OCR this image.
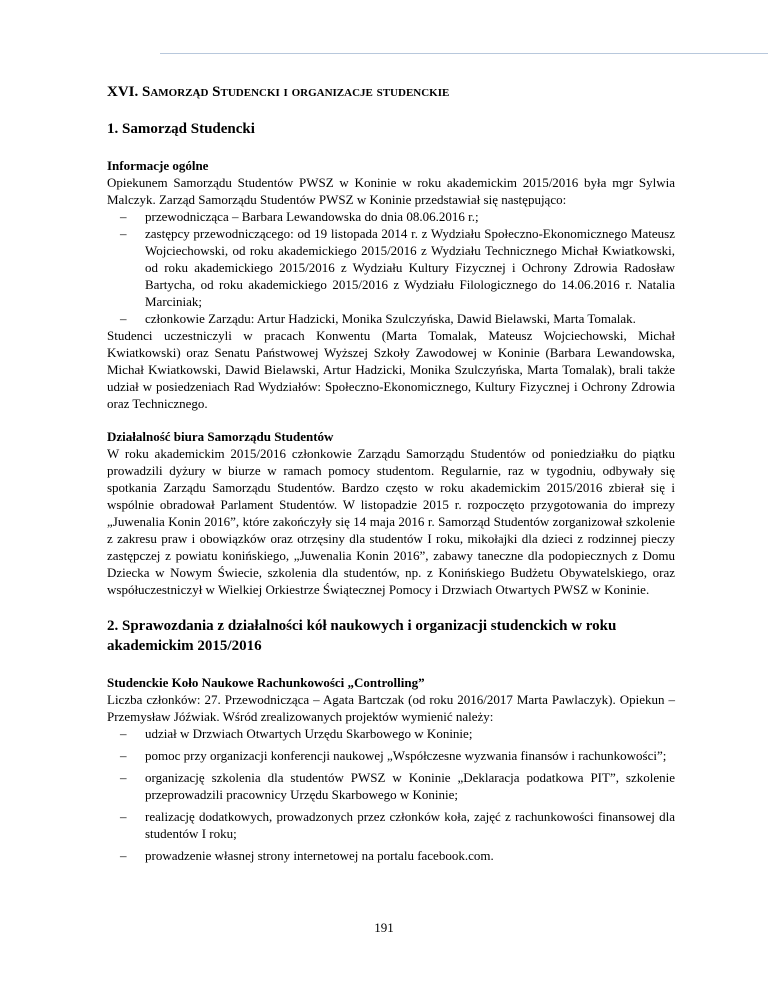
XVI. Samorząd Studencki i organizacje studenckie
1. Samorząd Studencki
Informacje ogólne

Opiekunem Samorządu Studentów PWSZ w Koninie w roku akademickim 2015/2016 była mgr Sylwia Malczyk. Zarząd Samorządu Studentów PWSZ w Koninie przedstawiał się następująco:

– przewodnicząca – Barbara Lewandowska do dnia 08.06.2016 r.;
– zastępcy przewodniczącego: od 19 listopada 2014 r. z Wydziału Społeczno-Ekonomicznego Mateusz Wojciechowski, od roku akademickiego 2015/2016 z Wydziału Technicznego Michał Kwiatkowski, od roku akademickiego 2015/2016 z Wydziału Kultury Fizycznej i Ochrony Zdrowia Radosław Bartycha, od roku akademickiego 2015/2016 z Wydziału Filologicznego do 14.06.2016 r. Natalia Marciniak;
– członkowie Zarządu: Artur Hadzicki, Monika Szulczyńska, Dawid Bielawski, Marta Tomalak.

Studenci uczestniczyli w pracach Konwentu (Marta Tomalak, Mateusz Wojciechowski, Michał Kwiatkowski) oraz Senatu Państwowej Wyższej Szkoły Zawodowej w Koninie (Barbara Lewandowska, Michał Kwiatkowski, Dawid Bielawski, Artur Hadzicki, Monika Szulczyńska, Marta Tomalak), brali także udział w posiedzeniach Rad Wydziałów: Społeczno-Ekonomicznego, Kultury Fizycznej i Ochrony Zdrowia oraz Technicznego.

Działalność biura Samorządu Studentów

W roku akademickim 2015/2016 członkowie Zarządu Samorządu Studentów od poniedziałku do piątku prowadzili dyżury w biurze w ramach pomocy studentom. Regularnie, raz w tygodniu, odbywały się spotkania Zarządu Samorządu Studentów. Bardzo często w roku akademickim 2015/2016 zbierał się i wspólnie obradował Parlament Studentów. W listopadzie 2015 r. rozpoczęto przygotowania do imprezy „Juwenalia Konin 2016”, które zakończyły się 14 maja 2016 r. Samorząd Studentów zorganizował szkolenie z zakresu praw i obowiązków oraz otrzęsiny dla studentów I roku, mikołajki dla dzieci z rodzinnej pieczy zastępczej z powiatu konińskiego, „Juwenalia Konin 2016”, zabawy taneczne dla podopiecznych z Domu Dziecka w Nowym Świecie, szkolenia dla studentów, np. z Konińskiego Budżetu Obywatelskiego, oraz współuczestniczył w Wielkiej Orkiestrze Świątecznej Pomocy i Drzwiach Otwartych PWSZ w Koninie.

2. Sprawozdania z działalności kół naukowych i organizacji studenckich w roku akademickim 2015/2016
Studenckie Koło Naukowe Rachunkowości „Controlling”

Liczba członków: 27. Przewodnicząca – Agata Bartczak (od roku 2016/2017 Marta Pawlaczyk). Opiekun – Przemysław Jóźwiak. Wśród zrealizowanych projektów wymienić należy:

– udział w Drzwiach Otwartych Urzędu Skarbowego w Koninie;
– pomoc przy organizacji konferencji naukowej „Współczesne wyzwania finansów i rachunkowości”;
– organizację szkolenia dla studentów PWSZ w Koninie „Deklaracja podatkowa PIT”, szkolenie przeprowadzili pracownicy Urzędu Skarbowego w Koninie;
– realizację dodatkowych, prowadzonych przez członków koła, zajęć z rachunkowości finansowej dla studentów I roku;
– prowadzenie własnej strony internetowej na portalu facebook.com.
191
